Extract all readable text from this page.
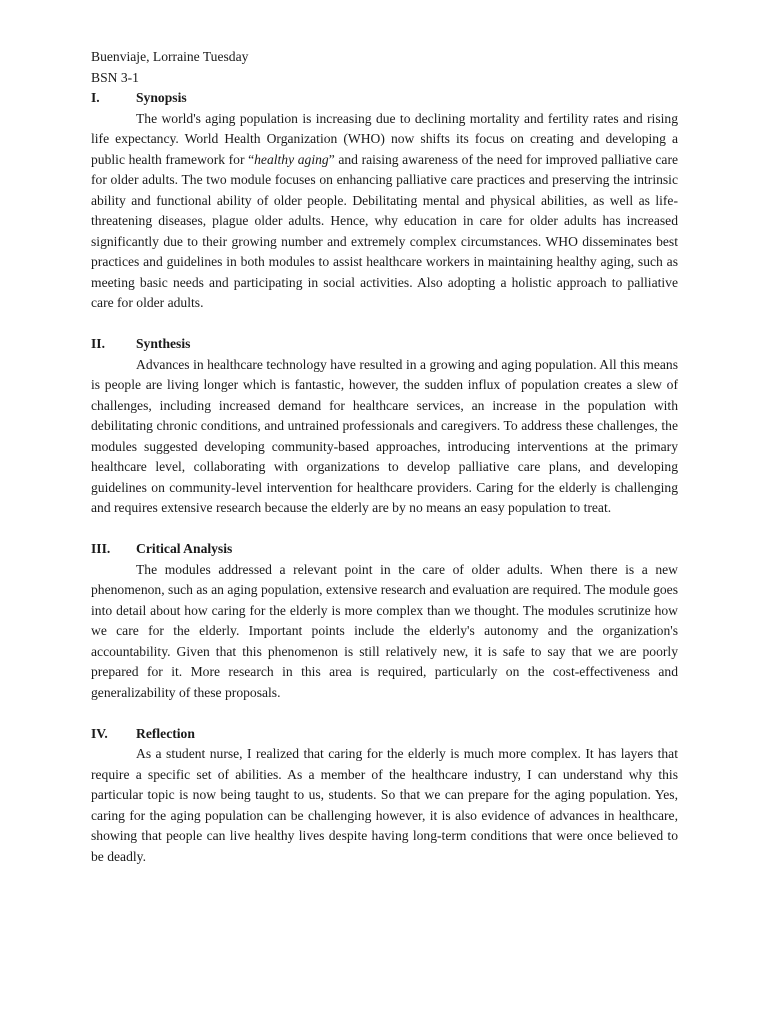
Buenviaje, Lorraine Tuesday

BSN 3-1

I.	Synopsis

The world's aging population is increasing due to declining mortality and fertility rates and rising life expectancy. World Health Organization (WHO) now shifts its focus on creating and developing a public health framework for “healthy aging” and raising awareness of the need for improved palliative care for older adults. The two module focuses on enhancing palliative care practices and preserving the intrinsic ability and functional ability of older people. Debilitating mental and physical abilities, as well as life-threatening diseases, plague older adults. Hence, why education in care for older adults has increased significantly due to their growing number and extremely complex circumstances. WHO disseminates best practices and guidelines in both modules to assist healthcare workers in maintaining healthy aging, such as meeting basic needs and participating in social activities. Also adopting a holistic approach to palliative care for older adults.

II.	Synthesis

Advances in healthcare technology have resulted in a growing and aging population. All this means is people are living longer which is fantastic, however, the sudden influx of population creates a slew of challenges, including increased demand for healthcare services, an increase in the population with debilitating chronic conditions, and untrained professionals and caregivers. To address these challenges, the modules suggested developing community-based approaches, introducing interventions at the primary healthcare level, collaborating with organizations to develop palliative care plans, and developing guidelines on community-level intervention for healthcare providers. Caring for the elderly is challenging and requires extensive research because the elderly are by no means an easy population to treat.

III.	Critical Analysis

The modules addressed a relevant point in the care of older adults. When there is a new phenomenon, such as an aging population, extensive research and evaluation are required. The module goes into detail about how caring for the elderly is more complex than we thought. The modules scrutinize how we care for the elderly. Important points include the elderly's autonomy and the organization's accountability. Given that this phenomenon is still relatively new, it is safe to say that we are poorly prepared for it. More research in this area is required, particularly on the cost-effectiveness and generalizability of these proposals.

IV.	Reflection

As a student nurse, I realized that caring for the elderly is much more complex. It has layers that require a specific set of abilities. As a member of the healthcare industry, I can understand why this particular topic is now being taught to us, students. So that we can prepare for the aging population. Yes, caring for the aging population can be challenging however, it is also evidence of advances in healthcare, showing that people can live healthy lives despite having long-term conditions that were once believed to be deadly.
